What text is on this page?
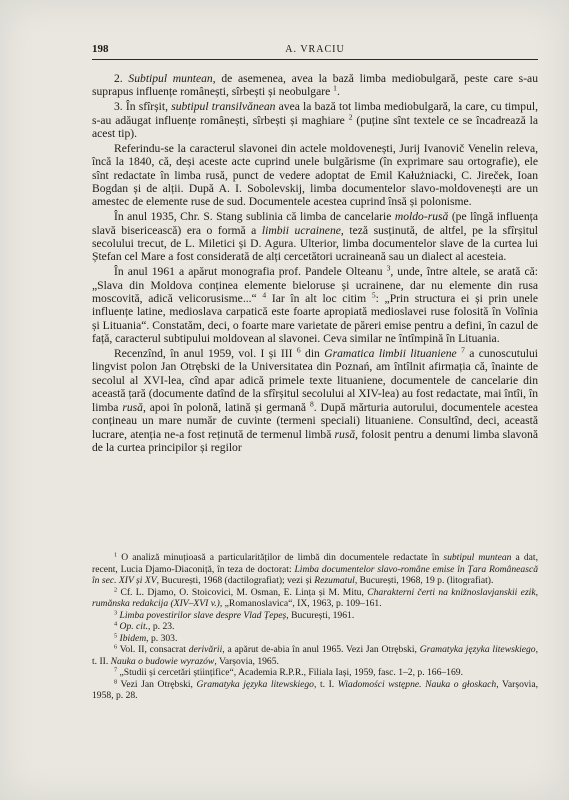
198	A. VRACIU

2. Subtipul muntean, de asemenea, avea la bază limba mediobulgară, peste care s-au suprapus influențe românești, sîrbești și neobulgare $^1$.

3. În sfîrșit, subtipul transilvănean avea la bază tot limba mediobulgară, la care, cu timpul, s-au adăugat influențe românești, sîrbești și maghiare $^2$ (puține sînt textele ce se încadrează la acest tip).

Referindu-se la caracterul slavonei din actele moldovenești, Jurij Ivanovič Venelin releva, încă la 1840, că, deși aceste acte cuprind unele bulgărisme (în exprimare sau ortografie), ele sînt redactate în limba rusă, punct de vedere adoptat de Emil Kałużniacki, C. Jireček, Ioan Bogdan și de alții. După A. I. Sobolevskij, limba documentelor slavo-moldovenești are un amestec de elemente ruse de sud. Documentele acestea cuprind însă și polonisme.

În anul 1935, Chr. S. Stang sublinia că limba de cancelarie moldo-rusă (pe lîngă influența slavă bisericească) era o formă a limbii ucrainene, teză susținută, de altfel, pe la sfîrșitul secolului trecut, de L. Miletici și D. Agura. Ulterior, limba documentelor slave de la curtea lui Ștefan cel Mare a fost considerată de alți cercetători ucraineană sau un dialect al acesteia.

În anul 1961 a apărut monografia prof. Pandele Olteanu $^3$, unde, între altele, se arată că: „Slava din Moldova conținea elemente bieloruse și ucrainene, dar nu elemente din rusa moscovită, adică velicorusisme...“ $^4$ Iar în alt loc citim $^5$: „Prin structura ei și prin unele influențe latine, medioslava carpatică este foarte apropiată medioslavei ruse folosită în Volînia și Lituania“. Constatăm, deci, o foarte mare varietate de păreri emise pentru a defini, în cazul de față, caracterul subtipului moldovean al slavonei. Ceva similar ne întîmpină în Lituania.

Recenzînd, în anul 1959, vol. I și III $^6$ din Gramatica limbii lituaniene $^7$ a cunoscutului lingvist polon Jan Otrębski de la Universitatea din Poznań, am întîlnit afirmația că, înainte de secolul al XVI-lea, cînd apar adică primele texte lituaniene, documentele de cancelarie din această țară (documente datînd de la sfîrșitul secolului al XIV-lea) au fost redactate, mai întîi, în limba rusă, apoi în polonă, latină și germană $^8$. După mărturia autorului, documentele acestea conțineau un mare număr de cuvinte (termeni speciali) lituaniene. Consultînd, deci, această lucrare, atenția ne-a fost reținută de termenul limbă rusă, folosit pentru a denumi limba slavonă de la curtea principilor și regilor

$^1$ O analiză minuțioasă a particularităților de limbă din documentele redactate în subtipul muntean a dat, recent, Lucia Djamo-Diaconiță, în teza de doctorat: Limba documentelor slavo-române emise în Țara Românească în sec. XIV și XV, București, 1968 (dactilografiat); vezi și Rezumatul, București, 1968, 19 p. (litografiat).

$^2$ Cf. L. Djamo, O. Stoicovici, M. Osman, E. Lința și M. Mitu, Charakterni čerti na knižnoslavjanskii ezik, rumănska redakcija (XIV–XVI v.), „Romanoslavica“, IX, 1963, p. 109–161.

$^3$ Limba povestirilor slave despre Vlad Țepeș, București, 1961.

$^4$ Op. cit., p. 23.

$^5$ Ibidem, p. 303.

$^6$ Vol. II, consacrat derivării, a apărut de-abia în anul 1965. Vezi Jan Otrębski, Gramatyka języka litewskiego, t. II. Nauka o budowie wyrazów, Varșovia, 1965.

$^7$ „Studii și cercetări științifice“, Academia R.P.R., Filiala Iași, 1959, fasc. 1–2, p. 166–169.

$^8$ Vezi Jan Otrębski, Gramatyka języka litewskiego, t. I. Wiadomości wstępne. Nauka o głoskach, Varșovia, 1958, p. 28.
